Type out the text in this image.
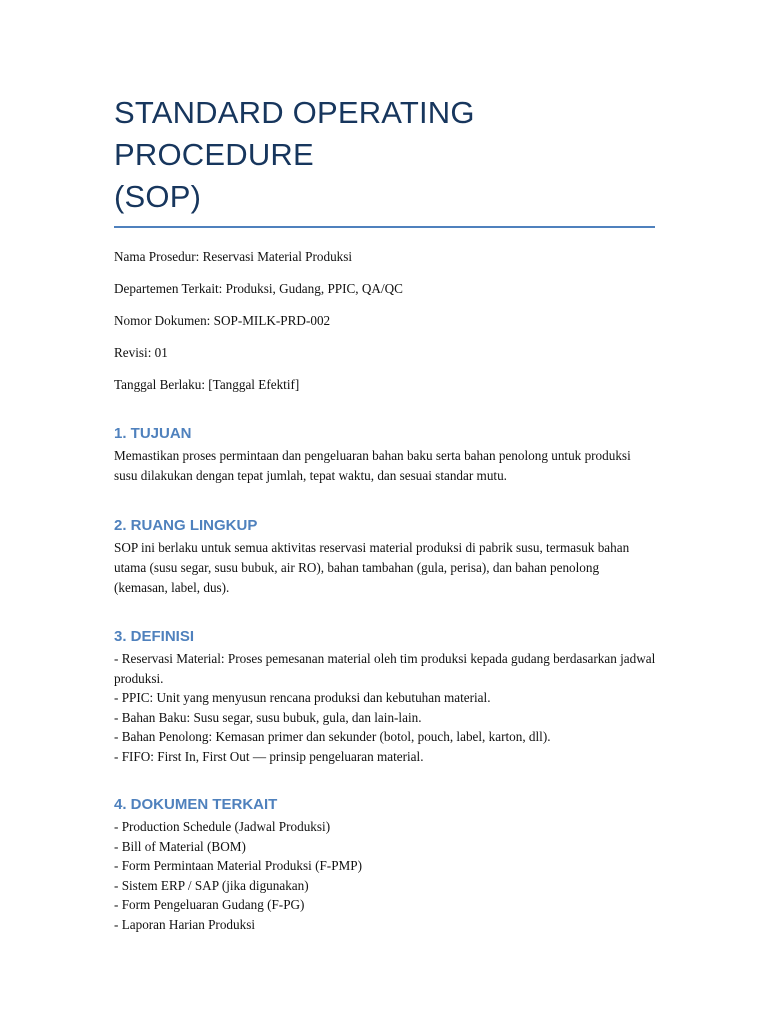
STANDARD OPERATING PROCEDURE
(SOP)

Nama Prosedur: Reservasi Material Produksi

Departemen Terkait: Produksi, Gudang, PPIC, QA/QC

Nomor Dokumen: SOP-MILK-PRD-002

Revisi: 01

Tanggal Berlaku: [Tanggal Efektif]

1. TUJUAN

Memastikan proses permintaan dan pengeluaran bahan baku serta bahan penolong untuk produksi susu dilakukan dengan tepat jumlah, tepat waktu, dan sesuai standar mutu.

2. RUANG LINGKUP

SOP ini berlaku untuk semua aktivitas reservasi material produksi di pabrik susu, termasuk bahan utama (susu segar, susu bubuk, air RO), bahan tambahan (gula, perisa), dan bahan penolong (kemasan, label, dus).

3. DEFINISI

- Reservasi Material: Proses pemesanan material oleh tim produksi kepada gudang berdasarkan jadwal produksi.

- PPIC: Unit yang menyusun rencana produksi dan kebutuhan material.

- Bahan Baku: Susu segar, susu bubuk, gula, dan lain-lain.

- Bahan Penolong: Kemasan primer dan sekunder (botol, pouch, label, karton, dll).

- FIFO: First In, First Out — prinsip pengeluaran material.

4. DOKUMEN TERKAIT

- Production Schedule (Jadwal Produksi)

- Bill of Material (BOM)

- Form Permintaan Material Produksi (F-PMP)

- Sistem ERP / SAP (jika digunakan)

- Form Pengeluaran Gudang (F-PG)

- Laporan Harian Produksi
